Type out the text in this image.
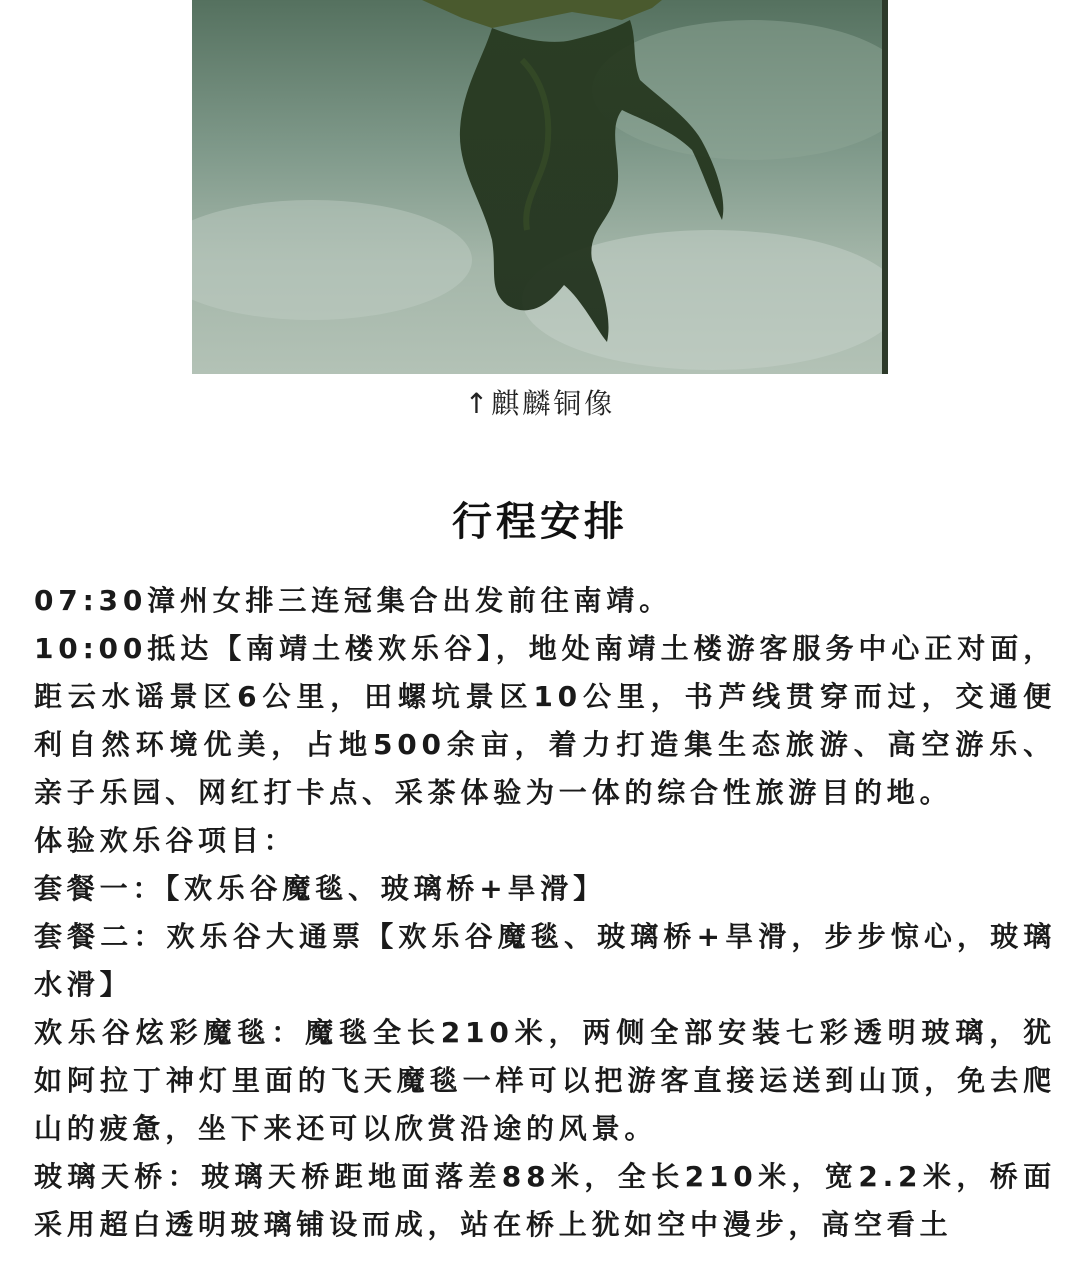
↑麒麟铜像
行程安排

07:30漳州女排三连冠集合出发前往南靖。

10:00抵达【南靖土楼欢乐谷】，地处南靖土楼游客服务中心正对面，距云水谣景区6公里，田螺坑景区10公里，书芦线贯穿而过，交通便利自然环境优美，占地500余亩，着力打造集生态旅游、高空游乐、亲子乐园、网红打卡点、采茶体验为一体的综合性旅游目的地。

体验欢乐谷项目：

套餐一：【欢乐谷魔毯、玻璃桥+旱滑】

套餐二：欢乐谷大通票【欢乐谷魔毯、玻璃桥+旱滑，步步惊心，玻璃水滑】

欢乐谷炫彩魔毯：魔毯全长210米，两侧全部安装七彩透明玻璃，犹如阿拉丁神灯里面的飞天魔毯一样可以把游客直接运送到山顶，免去爬山的疲惫，坐下来还可以欣赏沿途的风景。

玻璃天桥：玻璃天桥距地面落差88米，全长210米，宽2.2米，桥面采用超白透明玻璃铺设而成，站在桥上犹如空中漫步，高空看土
